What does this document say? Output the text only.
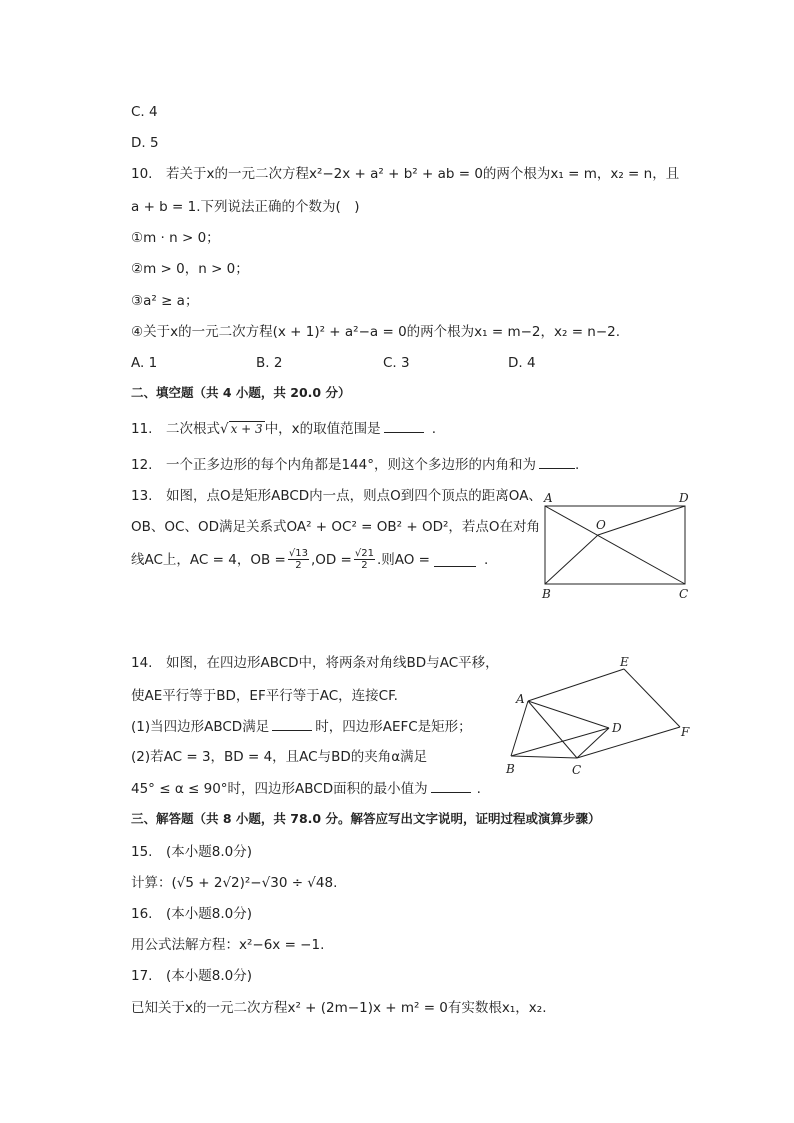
C. 4
D. 5
10.　若关于x的一元二次方程x²−2x + a² + b² + ab = 0的两个根为x₁ = m，x₂ = n，且
a + b = 1.下列说法正确的个数为(　)
①m · n > 0；
②m > 0，n > 0；
③a² ≥ a；
④关于x的一元二次方程(x + 1)² + a²−a = 0的两个根为x₁ = m−2，x₂ = n−2.
A. 1	B. 2	C. 3	D. 4
二、填空题（共 4 小题，共 20.0 分）
11.　二次根式√ x + 3 中，x的取值范围是	.
12.　一个正多边形的每个内角都是144°，则这个多边形的内角和为	.
13.　如图，点O是矩形ABCD内一点，则点O到四个顶点的距离OA、
OB、OC、OD满足关系式OA² + OC² = OB² + OD²，若点O在对角
线AC上，AC = 4，OB = $\frac{√13}{2} ,OD = \frac{√21}{2}$ .则AO =	.
A	D
O
B	C
14.　如图，在四边形ABCD中，将两条对角线BD与AC平移，
使AE平行等于BD，EF平行等于AC，连接CF.
(1)当四边形ABCD满足	时，四边形AEFC是矩形；
(2)若AC = 3，BD = 4，且AC与BD的夹角α满足
45° ≤ α ≤ 90°时，四边形ABCD面积的最小值为	.
E
A
D	F
B	C
三、解答题（共 8 小题，共 78.0 分。解答应写出文字说明，证明过程或演算步骤）
15.　(本小题8.0分)
计算：(√5 + 2√2)²−√30 ÷ √48.
16.　(本小题8.0分)
用公式法解方程：x²−6x = −1.
17.　(本小题8.0分)
已知关于x的一元二次方程x² + (2m−1)x + m² = 0有实数根x₁，x₂.
